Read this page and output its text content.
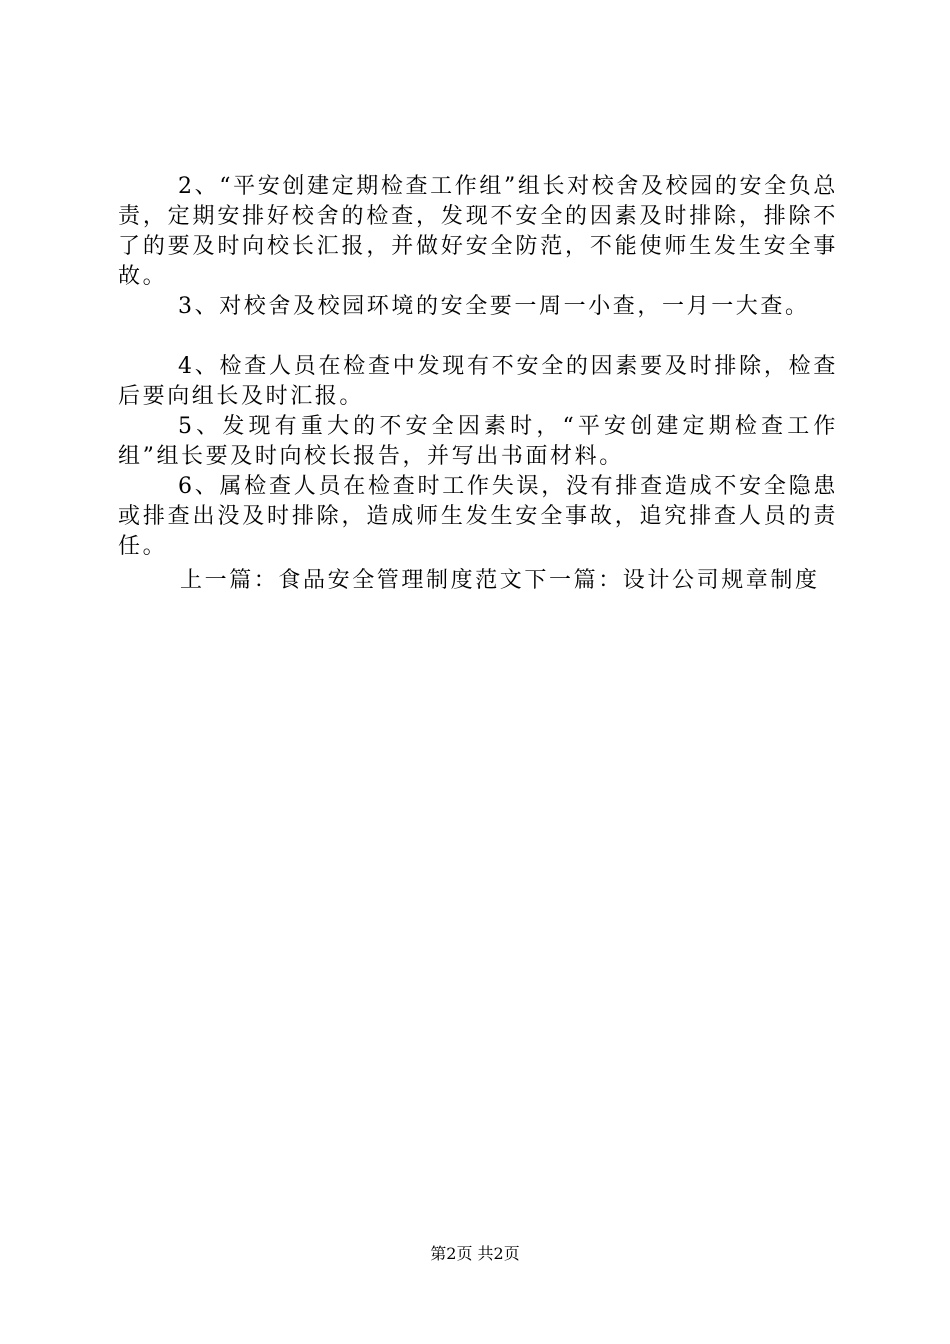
2、“平安创建定期检查工作组”组长对校舍及校园的安全负总责，定期安排好校舍的检查，发现不安全的因素及时排除，排除不了的要及时向校长汇报，并做好安全防范，不能使师生发生安全事故。

3、对校舍及校园环境的安全要一周一小查，一月一大查。

4、检查人员在检查中发现有不安全的因素要及时排除，检查后要向组长及时汇报。

5、发现有重大的不安全因素时，“平安创建定期检查工作组”组长要及时向校长报告，并写出书面材料。

6、属检查人员在检查时工作失误，没有排查造成不安全隐患或排查出没及时排除，造成师生发生安全事故，追究排查人员的责任。

上一篇：食品安全管理制度范文下一篇：设计公司规章制度

第2页 共2页
